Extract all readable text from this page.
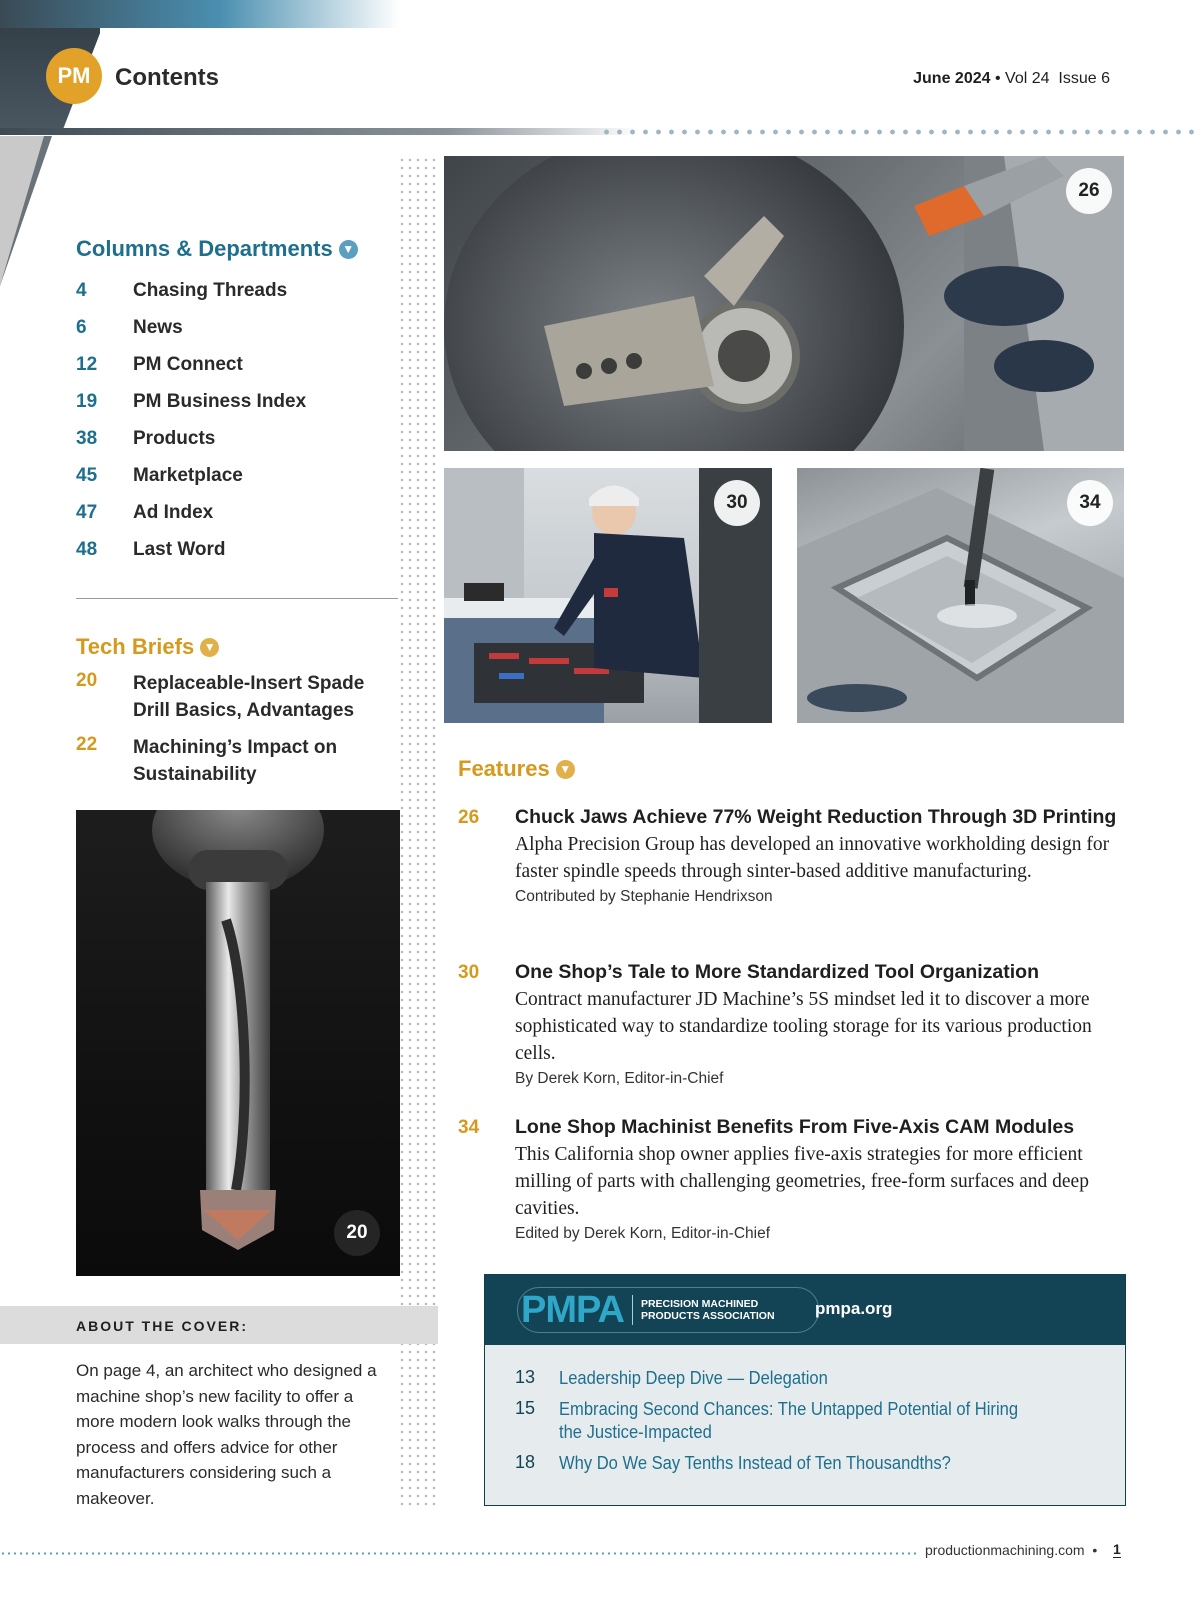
PM	Contents	June 2024 • Vol 24 Issue 6
Columns & Departments ▼
4	Chasing Threads
6	News
12	PM Connect
19	PM Business Index
38	Products
45	Marketplace
47	Ad Index
48	Last Word
Tech Briefs ▼
20	Replaceable-Insert Spade Drill Basics, Advantages
22	Machining’s Impact on Sustainability
20
ABOUT THE COVER:
On page 4, an architect who designed a machine shop’s new facility to offer a more modern look walks through the process and offers advice for other manufacturers considering such a makeover.
26
30	34
Features ▼
26	Chuck Jaws Achieve 77% Weight Reduction Through 3D Printing
Alpha Precision Group has developed an innovative workholding design for faster spindle speeds through sinter-based additive manufacturing.
Contributed by Stephanie Hendrixson
30	One Shop’s Tale to More Standardized Tool Organization
Contract manufacturer JD Machine’s 5S mindset led it to discover a more sophisticated way to standardize tooling storage for its various production cells.
By Derek Korn, Editor-in-Chief
34	Lone Shop Machinist Benefits From Five-Axis CAM Modules
This California shop owner applies five-axis strategies for more efficient milling of parts with challenging geometries, free-form surfaces and deep cavities.
Edited by Derek Korn, Editor-in-Chief
PMPA PRECISION MACHINED
PRODUCTS ASSOCIATION pmpa.org
13	Leadership Deep Dive — Delegation
15	Embracing Second Chances: The Untapped Potential of Hiring the Justice-Impacted
18	Why Do We Say Tenths Instead of Ten Thousandths?
productionmachining.com • 1
